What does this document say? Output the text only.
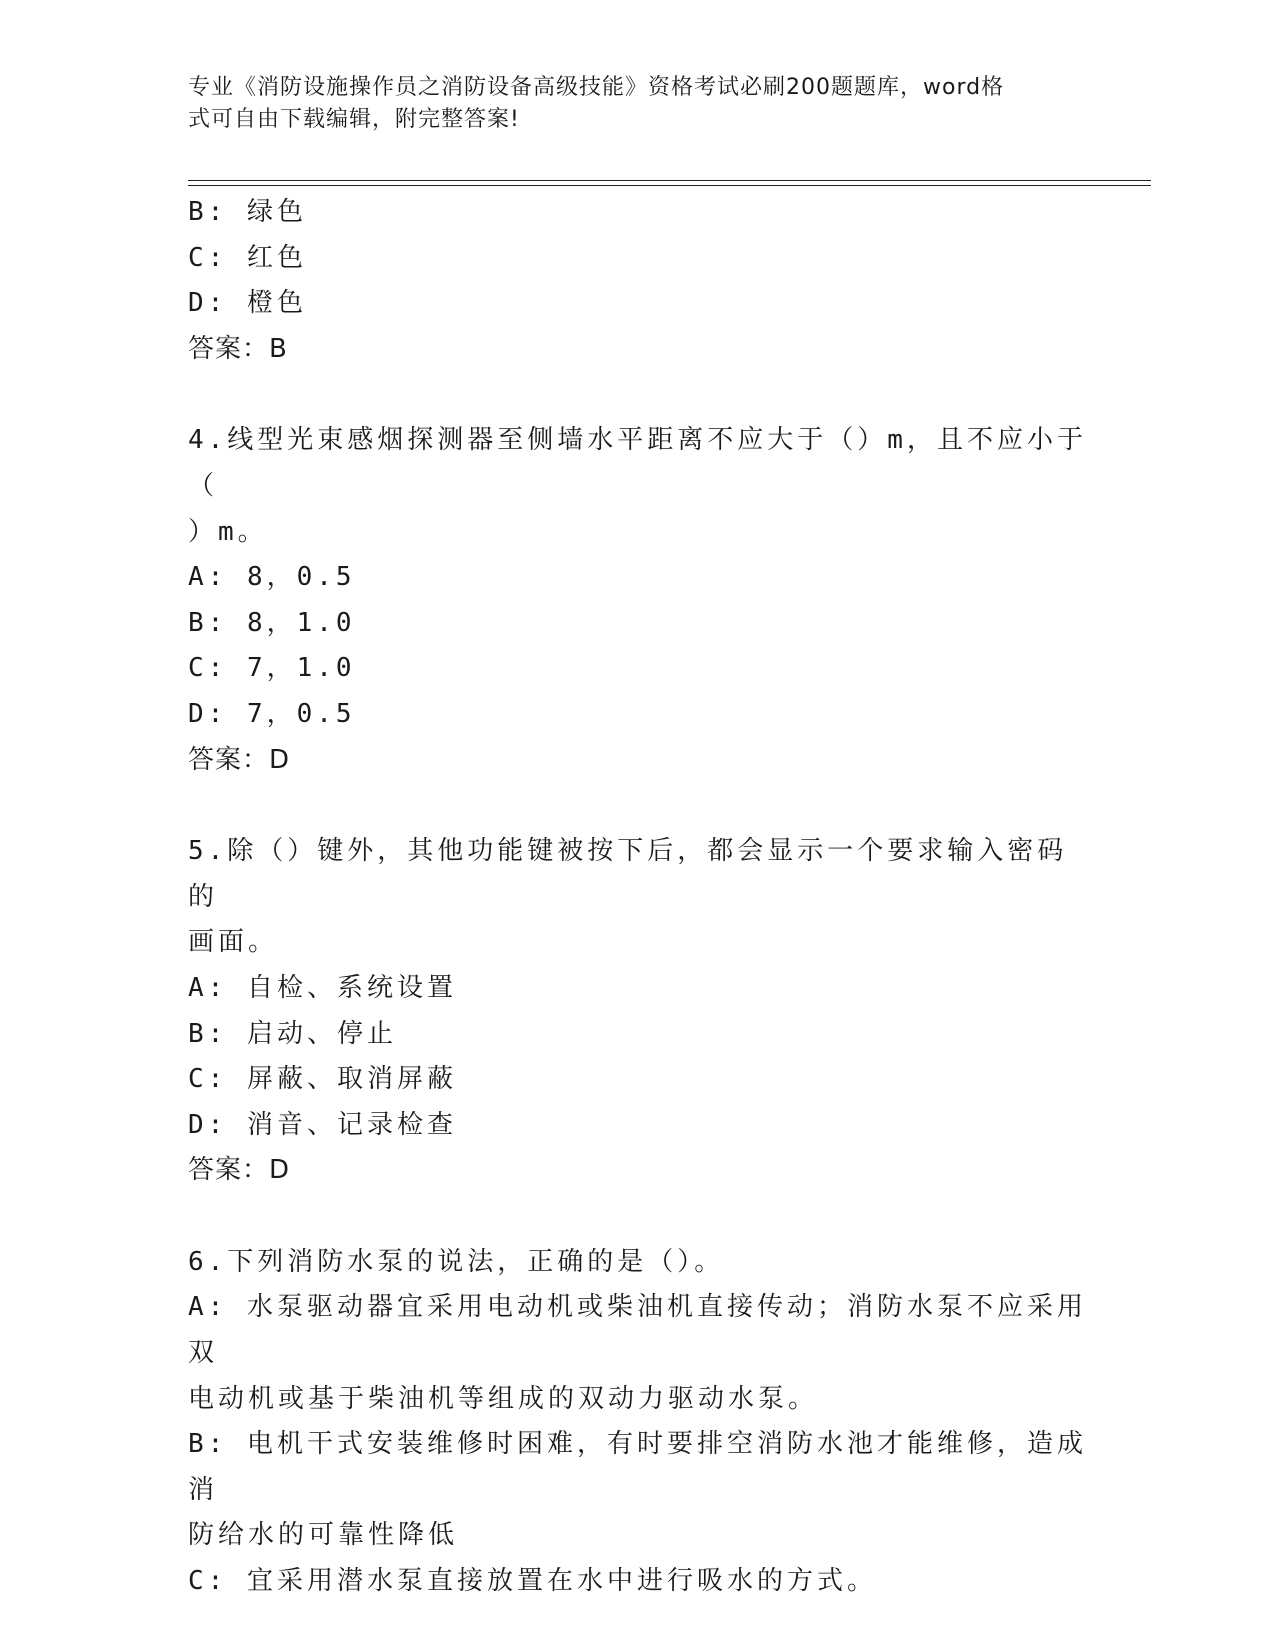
专业《消防设施操作员之消防设备高级技能》资格考试必刷200题题库，word格
式可自由下载编辑，附完整答案!
B: 绿色
C: 红色
D: 橙色
答案：B
4.线型光束感烟探测器至侧墙水平距离不应大于（）m，且不应小于（
）m。
A: 8，0.5
B: 8，1.0
C: 7，1.0
D: 7，0.5
答案：D
5.除（）键外，其他功能键被按下后，都会显示一个要求输入密码的
画面。
A: 自检、系统设置
B: 启动、停止
C: 屏蔽、取消屏蔽
D: 消音、记录检查
答案：D
6.下列消防水泵的说法，正确的是（）。
A: 水泵驱动器宜采用电动机或柴油机直接传动；消防水泵不应采用双
电动机或基于柴油机等组成的双动力驱动水泵。
B: 电机干式安装维修时困难，有时要排空消防水池才能维修，造成消
防给水的可靠性降低
C: 宜采用潜水泵直接放置在水中进行吸水的方式。
